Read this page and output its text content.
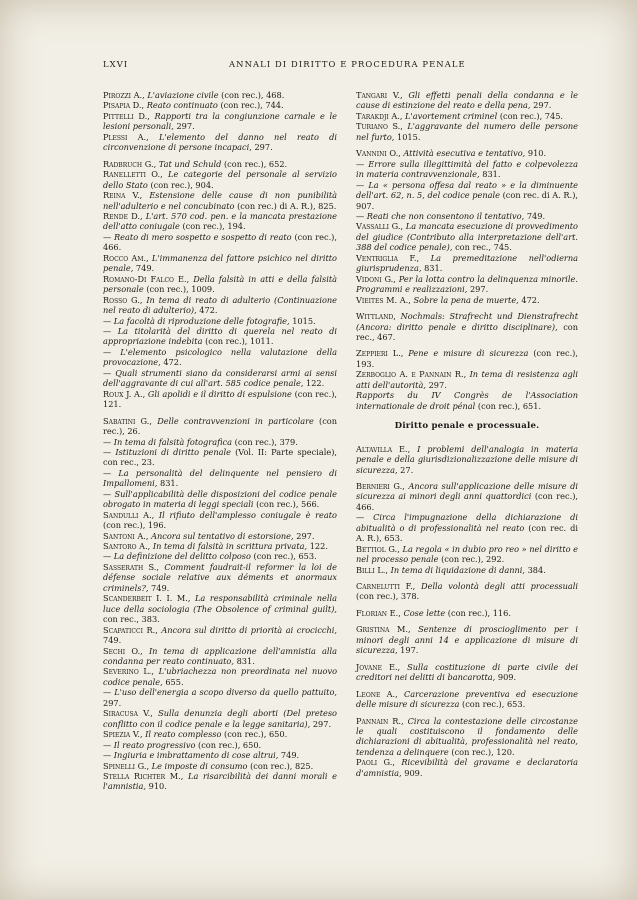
LXVI	ANNALI DI DIRITTO E PROCEDURA PENALE

Pirozzi A., L'aviazione civile (con rec.), 468.

Pisapia D., Reato continuato (con rec.), 744.

Pittelli D., Rapporti tra la congiunzione carnale e le lesioni personali, 297.

Plessi A., L'elemento del danno nel reato di circonvenzione di persone incapaci, 297.

Radbruch G., Tat und Schuld (con rec.), 652.

Ranelletti O., Le categorie del personale al servizio dello Stato (con rec.), 904.

Reina V., Estensione delle cause di non punibilità nell'adulterio e nel concubinato (con rec.) di A. R.), 825.

Rende D., L'art. 570 cod. pen. e la mancata prestazione dell'atto coniugale (con rec.), 194.

— Reato di mero sospetto e sospetto di reato (con rec.), 466.

Rocco Am., L'immanenza del fattore psichico nel diritto penale, 749.

Romano-Di Falco E., Della falsità in atti e della falsità personale (con rec.), 1009.

Rosso G., In tema di reato di adulterio (Continuazione nel reato di adulterio), 472.

— La facoltà di riproduzione delle fotografie, 1015.

— La titolarità del diritto di querela nel reato di appropriazione indebita (con rec.), 1011.

— L'elemento psicologico nella valutazione della provocazione, 472.

— Quali strumenti siano da considerarsi armi ai sensi dell'aggravante di cui all'art. 585 codice penale, 122.

Roux J. A., Gli apolidi e il diritto di espulsione (con rec.), 121.

Sabatini G., Delle contravvenzioni in particolare (con rec.), 26.

— In tema di falsità fotografica (con rec.), 379.

— Istituzioni di diritto penale (Vol. II: Parte speciale), con rec., 23.

— La personalità del delinquente nel pensiero di Impallomeni, 831.

— Sull'applicabilità delle disposizioni del codice penale obrogato in materia di leggi speciali (con rec.), 566.

Sandulli A., Il rifiuto dell'amplesso coniugale è reato (con rec.), 196.

Santoni A., Ancora sul tentativo di estorsione, 297.

Santoro A., In tema di falsità in scrittura privata, 122.

— La definizione del delitto colposo (con rec.), 653.

Sasserath S., Comment faudrait-il reformer la loi de défense sociale relative aux déments et anormaux criminels?, 749.

Scanderbeit I. I. M., La responsabilità criminale nella luce della sociologia (The Obsolence of criminal guilt), con rec., 383.

Scapaticci R., Ancora sul diritto di priorità ai crocicchi, 749.

Sechi O., In tema di applicazione dell'amnistia alla condanna per reato continuato, 831.

Severino L., L'ubriachezza non preordinata nel nuovo codice penale, 655.

— L'uso dell'energia a scopo diverso da quello pattuito, 297.

Siracusa V., Sulla denunzia degli aborti (Del preteso conflitto con il codice penale e la legge sanitaria), 297.

Spiezia V., Il reato complesso (con rec.), 650.

— Il reato progressivo (con rec.), 650.

— Ingiuria e imbrattamento di cose altrui, 749.

Spinelli G., Le imposte di consumo (con rec.), 825.

Stella Richter M., La risarcibilità dei danni morali e l'amnistia, 910.

Tangari V., Gli effetti penali della condanna e le cause di estinzione del reato e della pena, 297.

Tarakdji A., L'avortement criminel (con rec.), 745.

Turiano S., L'aggravante del numero delle persone nel furto, 1015.

Vannini O., Attività esecutiva e tentativo, 910.

— Errore sulla illegittimità del fatto e colpevolezza in materia contravvenzionale, 831.

— La « persona offesa dal reato » e la diminuente dell'art. 62, n. 5, del codice penale (con rec. di A. R.), 907.

— Reati che non consentono il tentativo, 749.

Vassalli G., La mancata esecuzione di provvedimento del giudice (Contributo alla interpretazione dell'art. 388 del codice penale), con rec., 745.

Ventriglia F., La premeditazione nell'odierna giurisprudenza, 831.

Vidoni G., Per la lotta contro la delinquenza minorile. Programmi e realizzazioni, 297.

Vieites M. A., Sobre la pena de muerte, 472.

Wittland, Nochmals: Strafrecht und Dienstrafrecht (Ancora: diritto penale e diritto disciplinare), con rec., 467.

Zeppieri L., Pene e misure di sicurezza (con rec.), 193.

Zerboglio A. e Pannain R., In tema di resistenza agli atti dell'autorità, 297.

Rapports du IV Congrès de l'Association internationale de droit pénal (con rec.), 651.

Diritto penale e processuale.

Altavilla E., I problemi dell'analogia in materia penale e della giurisdizionalizzazione delle misure di sicurezza, 27.

Bernieri G., Ancora sull'applicazione delle misure di sicurezza ai minori degli anni quattordici (con rec.), 466.

— Circa l'impugnazione della dichiarazione di abitualità o di professionalità nel reato (con rec. di A. R.), 653.

Bettiol G., La regola « in dubio pro reo » nel diritto e nel processo penale (con rec.), 292.

Billi L., In tema di liquidazione di danni, 384.

Carnelutti F., Della volontà degli atti processuali (con rec.), 378.

Florian E., Cose lette (con rec.), 116.

Gristina M., Sentenze di proscioglimento per i minori degli anni 14 e applicazione di misure di sicurezza, 197.

Jovane E., Sulla costituzione di parte civile dei creditori nei delitti di bancarotta, 909.

Leone A., Carcerazione preventiva ed esecuzione delle misure di sicurezza (con rec.), 653.

Pannain R., Circa la contestazione delle circostanze le quali costituiscono il fondamento delle dichiarazioni di abitualità, professionalità nel reato, tendenza a delinquere (con rec.), 120.

Paoli G., Ricevibilità del gravame e declaratoria d'amnistia, 909.
